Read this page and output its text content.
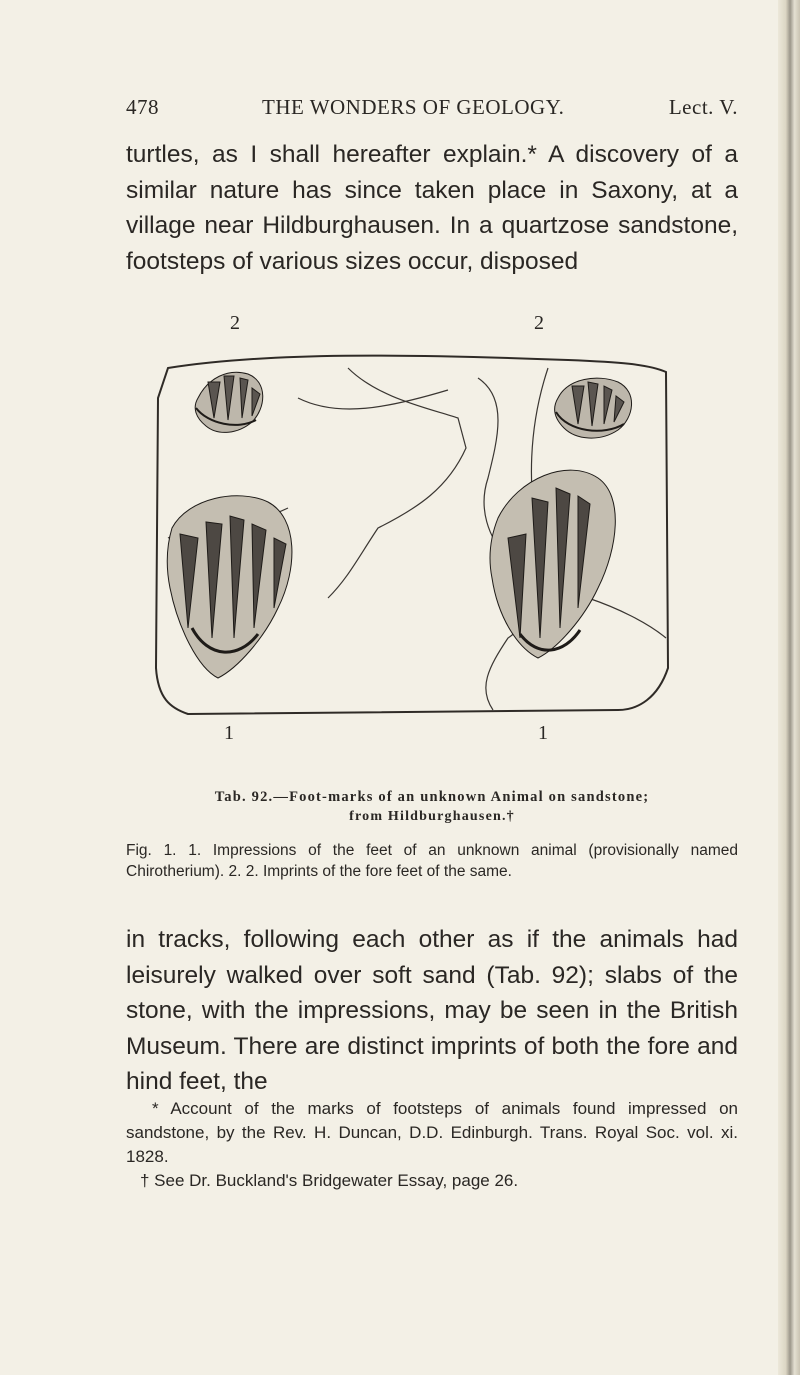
478	THE WONDERS OF GEOLOGY.	Lect. V.

turtles, as I shall hereafter explain.* A discovery of a similar nature has since taken place in Saxony, at a village near Hildburghausen. In a quartzose sandstone, footsteps of various sizes occur, disposed

2	2
1	1
Tab. 92.—Foot-marks of an unknown Animal on sandstone;
from Hildburghausen.†

Fig. 1. 1. Impressions of the feet of an unknown animal (provisionally named Chirotherium). 2. 2. Imprints of the fore feet of the same.

in tracks, following each other as if the animals had leisurely walked over soft sand (Tab. 92); slabs of the stone, with the impressions, may be seen in the British Museum. There are distinct imprints of both the fore and hind feet, the

* Account of the marks of footsteps of animals found impressed on sandstone, by the Rev. H. Duncan, D.D. Edinburgh. Trans. Royal Soc. vol. xi. 1828.

† See Dr. Buckland's Bridgewater Essay, page 26.
